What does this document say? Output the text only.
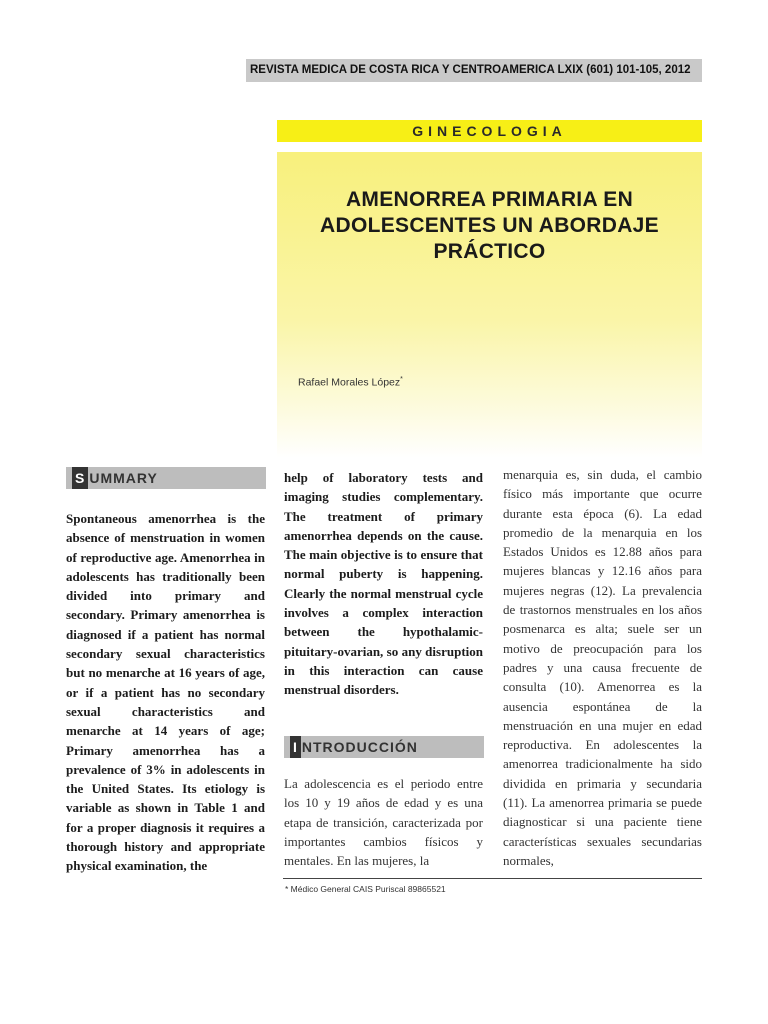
REVISTA MEDICA DE COSTA RICA Y CENTROAMERICA LXIX (601) 101-105, 2012
GINECOLOGIA
AMENORREA PRIMARIA EN ADOLESCENTES UN ABORDAJE PRÁCTICO
Rafael Morales López*
S UMMARY

Spontaneous amenorrhea is the absence of menstruation in women of reproductive age. Amenorrhea in adolescents has traditionally been divided into primary and secondary. Primary amenorrhea is diagnosed if a patient has normal secondary sexual characteristics but no menarche at 16 years of age, or if a patient has no secondary sexual characteristics and menarche at 14 years of age; Primary amenorrhea has a prevalence of 3% in adolescents in the United States. Its etiology is variable as shown in Table 1 and for a proper diagnosis it requires a thorough history and appropriate physical examination, the

help of laboratory tests and imaging studies complementary. The treatment of primary amenorrhea depends on the cause. The main objective is to ensure that normal puberty is happening. Clearly the normal menstrual cycle involves a complex interaction between the hypothalamic-pituitary-ovarian, so any disruption in this interaction can cause menstrual disorders.

I NTRODUCCIÓN

La adolescencia es el periodo entre los 10 y 19 años de edad y es una etapa de transición, caracterizada por importantes cambios físicos y mentales. En las mujeres, la

menarquia es, sin duda, el cambio físico más importante que ocurre durante esta época (6). La edad promedio de la menarquia en los Estados Unidos es 12.88 años para mujeres blancas y 12.16 años para mujeres negras (12). La prevalencia de trastornos menstruales en los años posmenarca es alta; suele ser un motivo de preocupación para los padres y una causa frecuente de consulta (10). Amenorrea es la ausencia espontánea de la menstruación en una mujer en edad reproductiva. En adolescentes la amenorrea tradicionalmente ha sido dividida en primaria y secundaria (11). La amenorrea primaria se puede diagnosticar si una paciente tiene características sexuales secundarias normales,

* Médico General CAIS Puriscal 89865521
